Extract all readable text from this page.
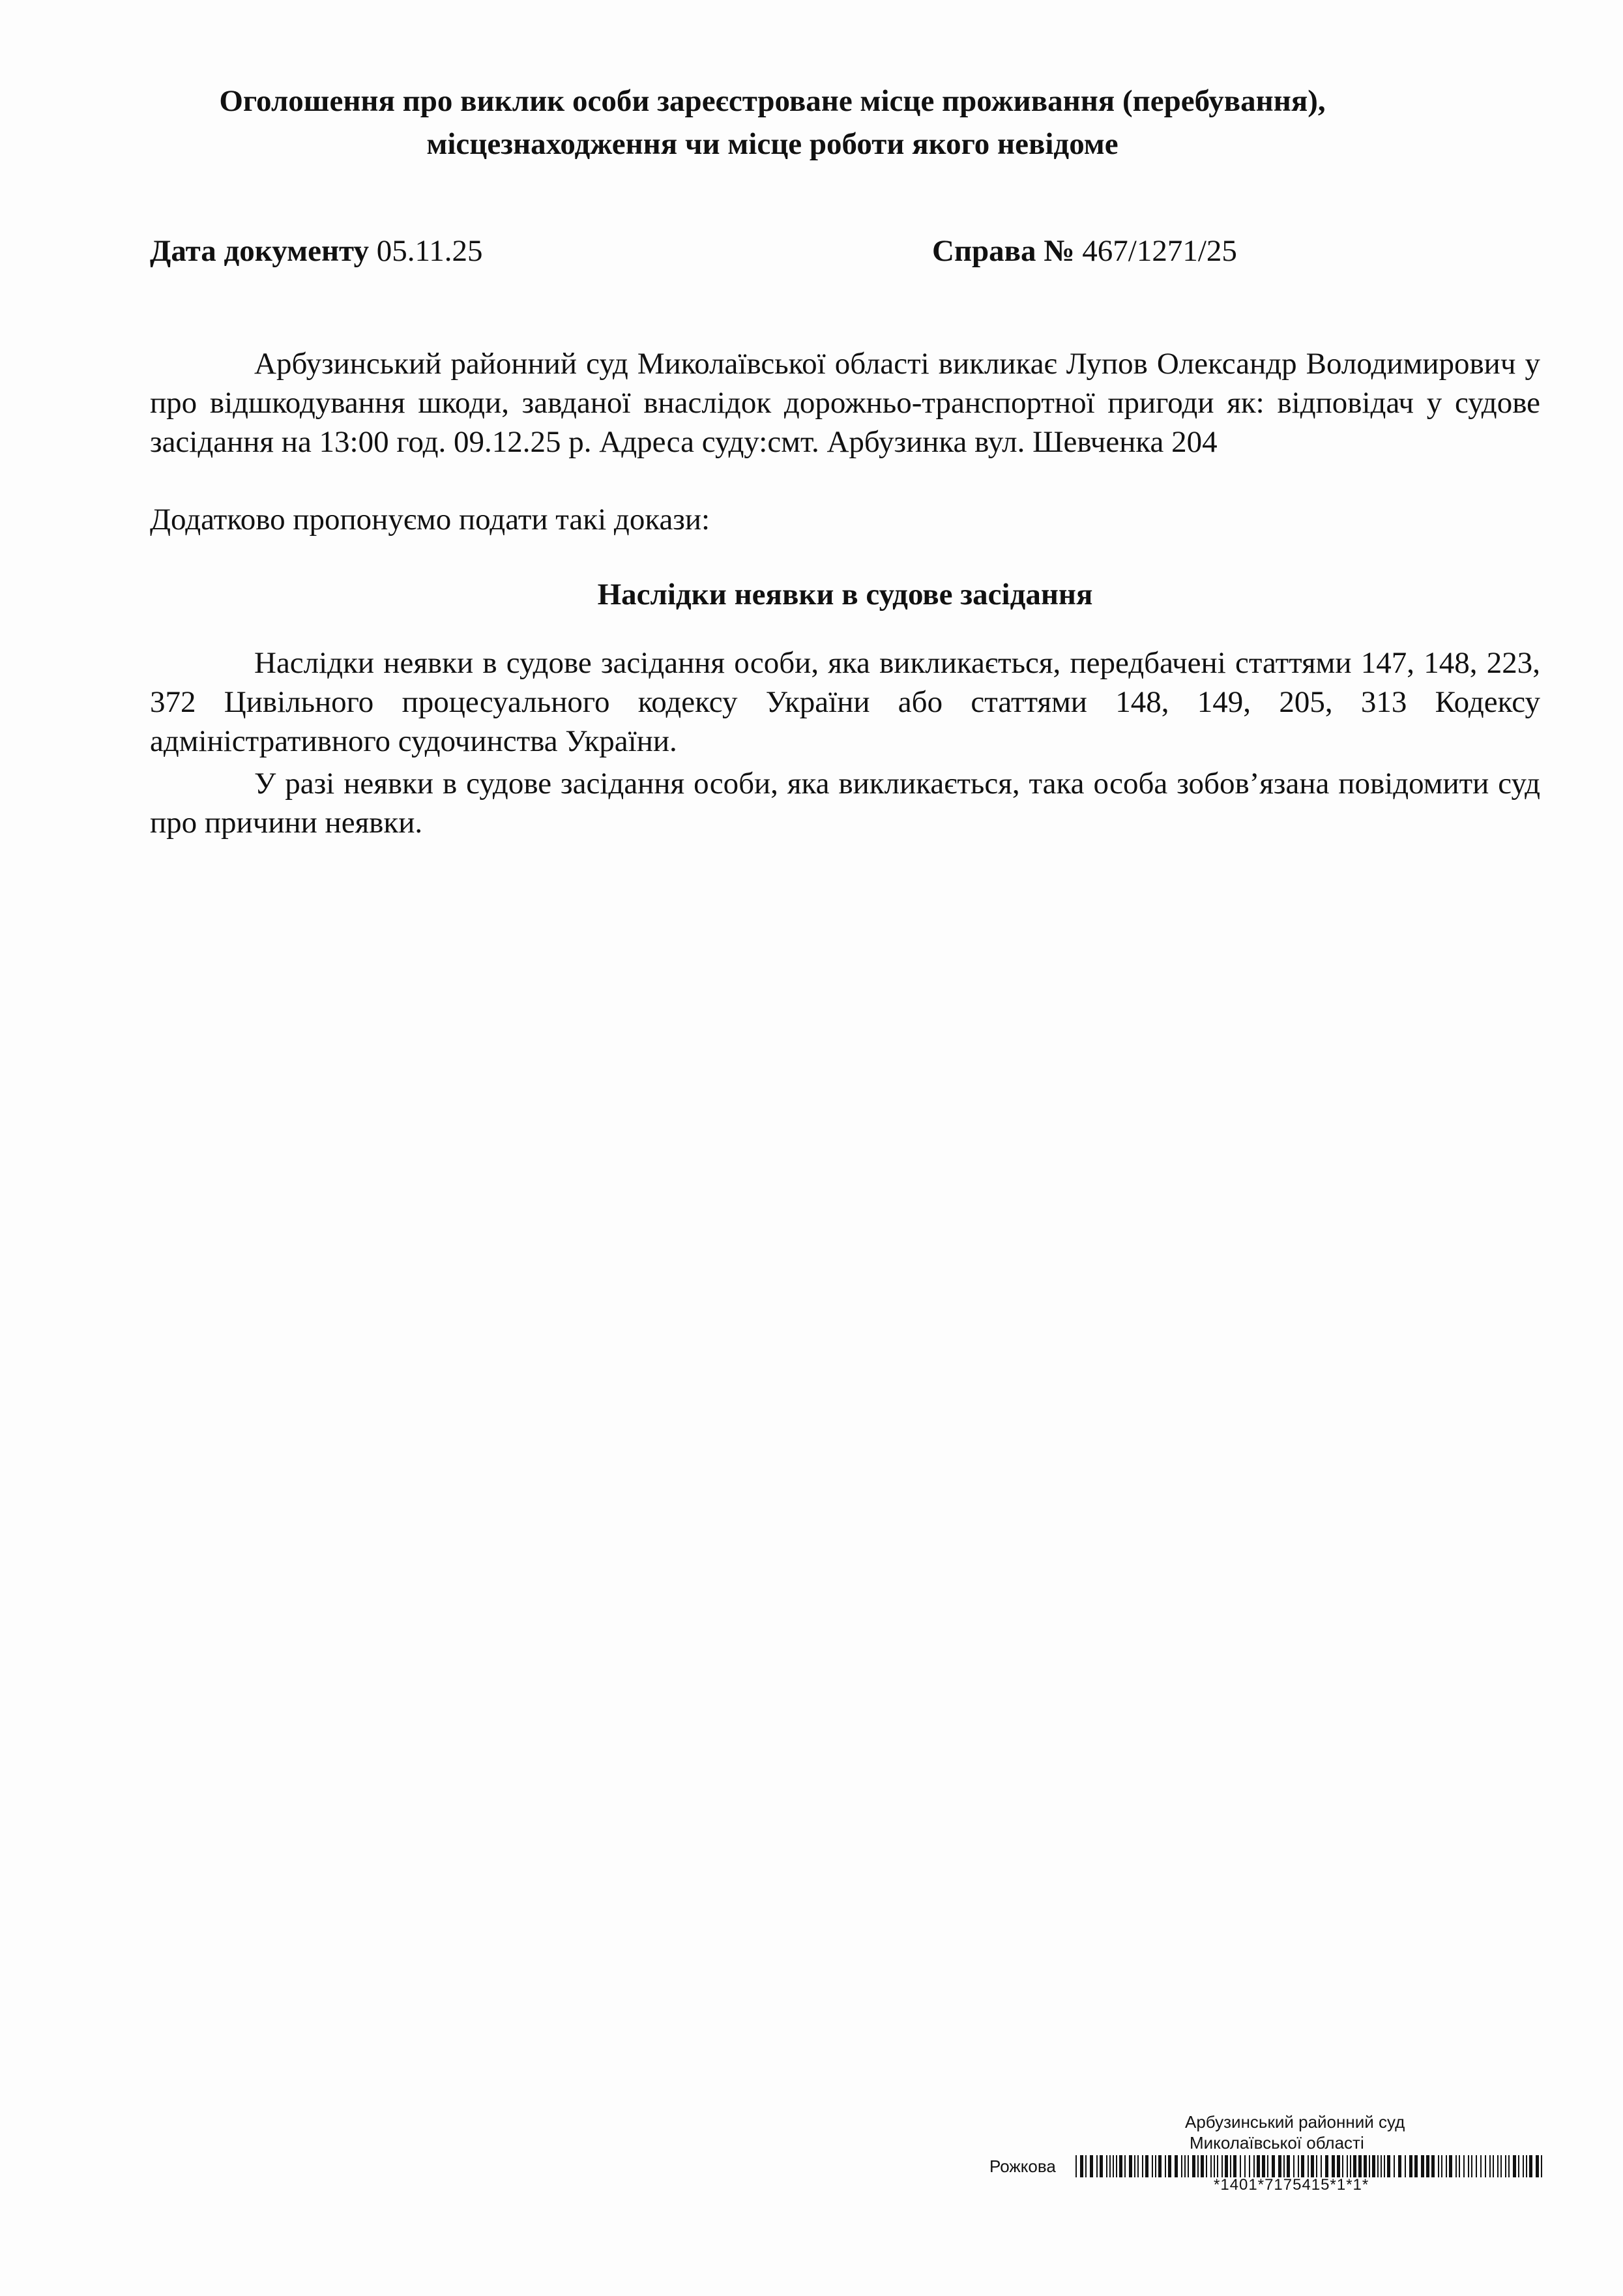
Оголошення про виклик особи зареєстроване місце проживання (перебування),
місцезнаходження чи місце роботи якого невідоме
Дата документу 05.11.25	Справа № 467/1271/25
Арбузинський районний суд Миколаївської області викликає Лупов Олександр Володимирович у про відшкодування шкоди, завданої внаслідок дорожньо-транспортної пригоди як: відповідач у судове засідання на 13:00 год. 09.12.25 р. Адреса суду:смт. Арбузинка вул. Шевченка 204
Додатково пропонуємо подати такі докази:
Наслідки неявки в судове засідання
Наслідки неявки в судове засідання особи, яка викликається, передбачені статтями 147, 148, 223, 372 Цивільного процесуального кодексу України або статтями 148, 149, 205, 313 Кодексу адміністративного судочинства України.
У разі неявки в судове засідання особи, яка викликається, така особа зобов’язана повідомити суд про причини неявки.
Арбузинський районний суд
Миколаївської області
Рожкова
*1401*7175415*1*1*
